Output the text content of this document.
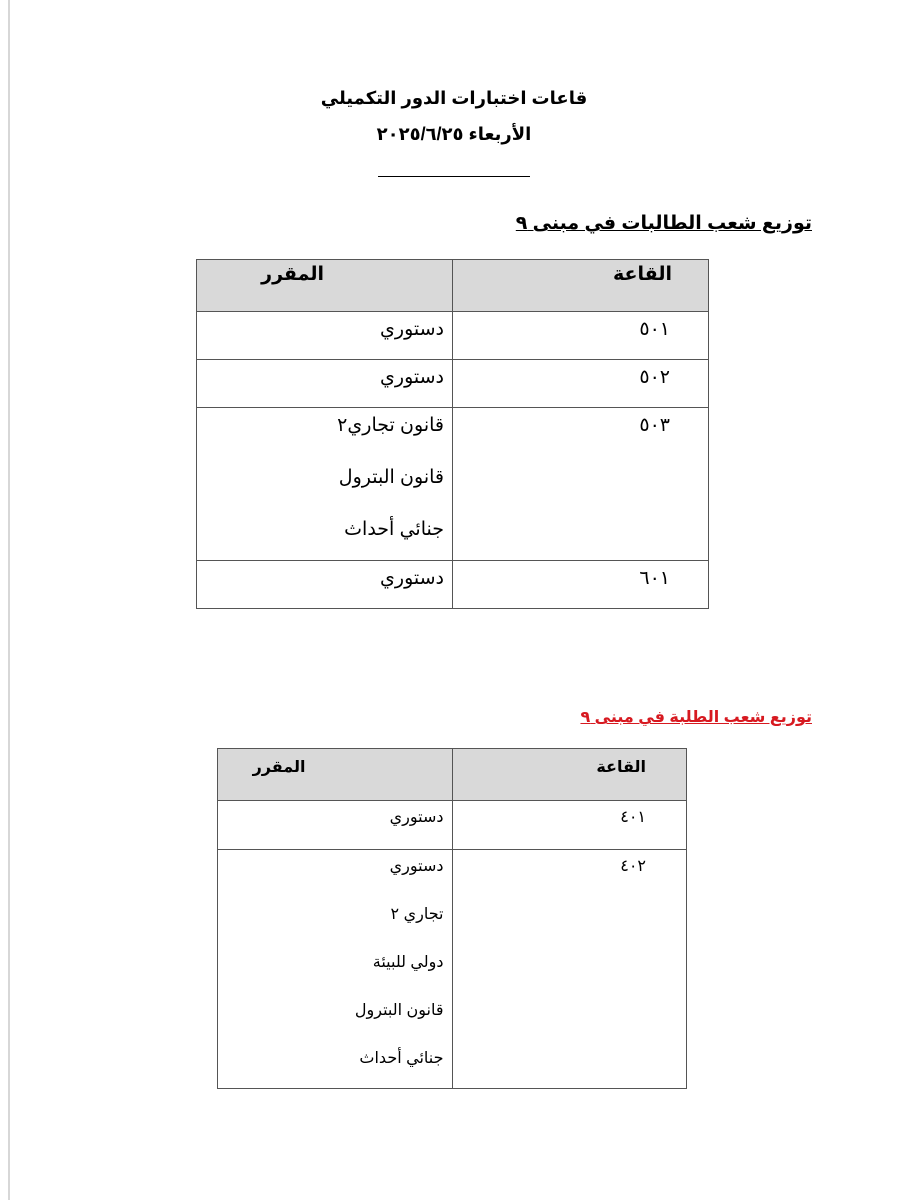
قاعات اختبارات الدور التكميلي
الأربعاء ٢٠٢٥/٦/٢٥
توزيع شعب الطالبات في مبنى ٩
القاعة	المقرر
٥٠١	دستوري

٥٠٢	دستوري

٥٠٣	قانون تجاري٢
قانون البترول
جنائي أحداث

٦٠١	دستوري
توزيع شعب الطلبة في مبنى ٩
القاعة	المقرر
٤٠١	دستوري

٤٠٢	دستوري
تجاري ٢
دولي للبيئة
قانون البترول
جنائي أحداث
